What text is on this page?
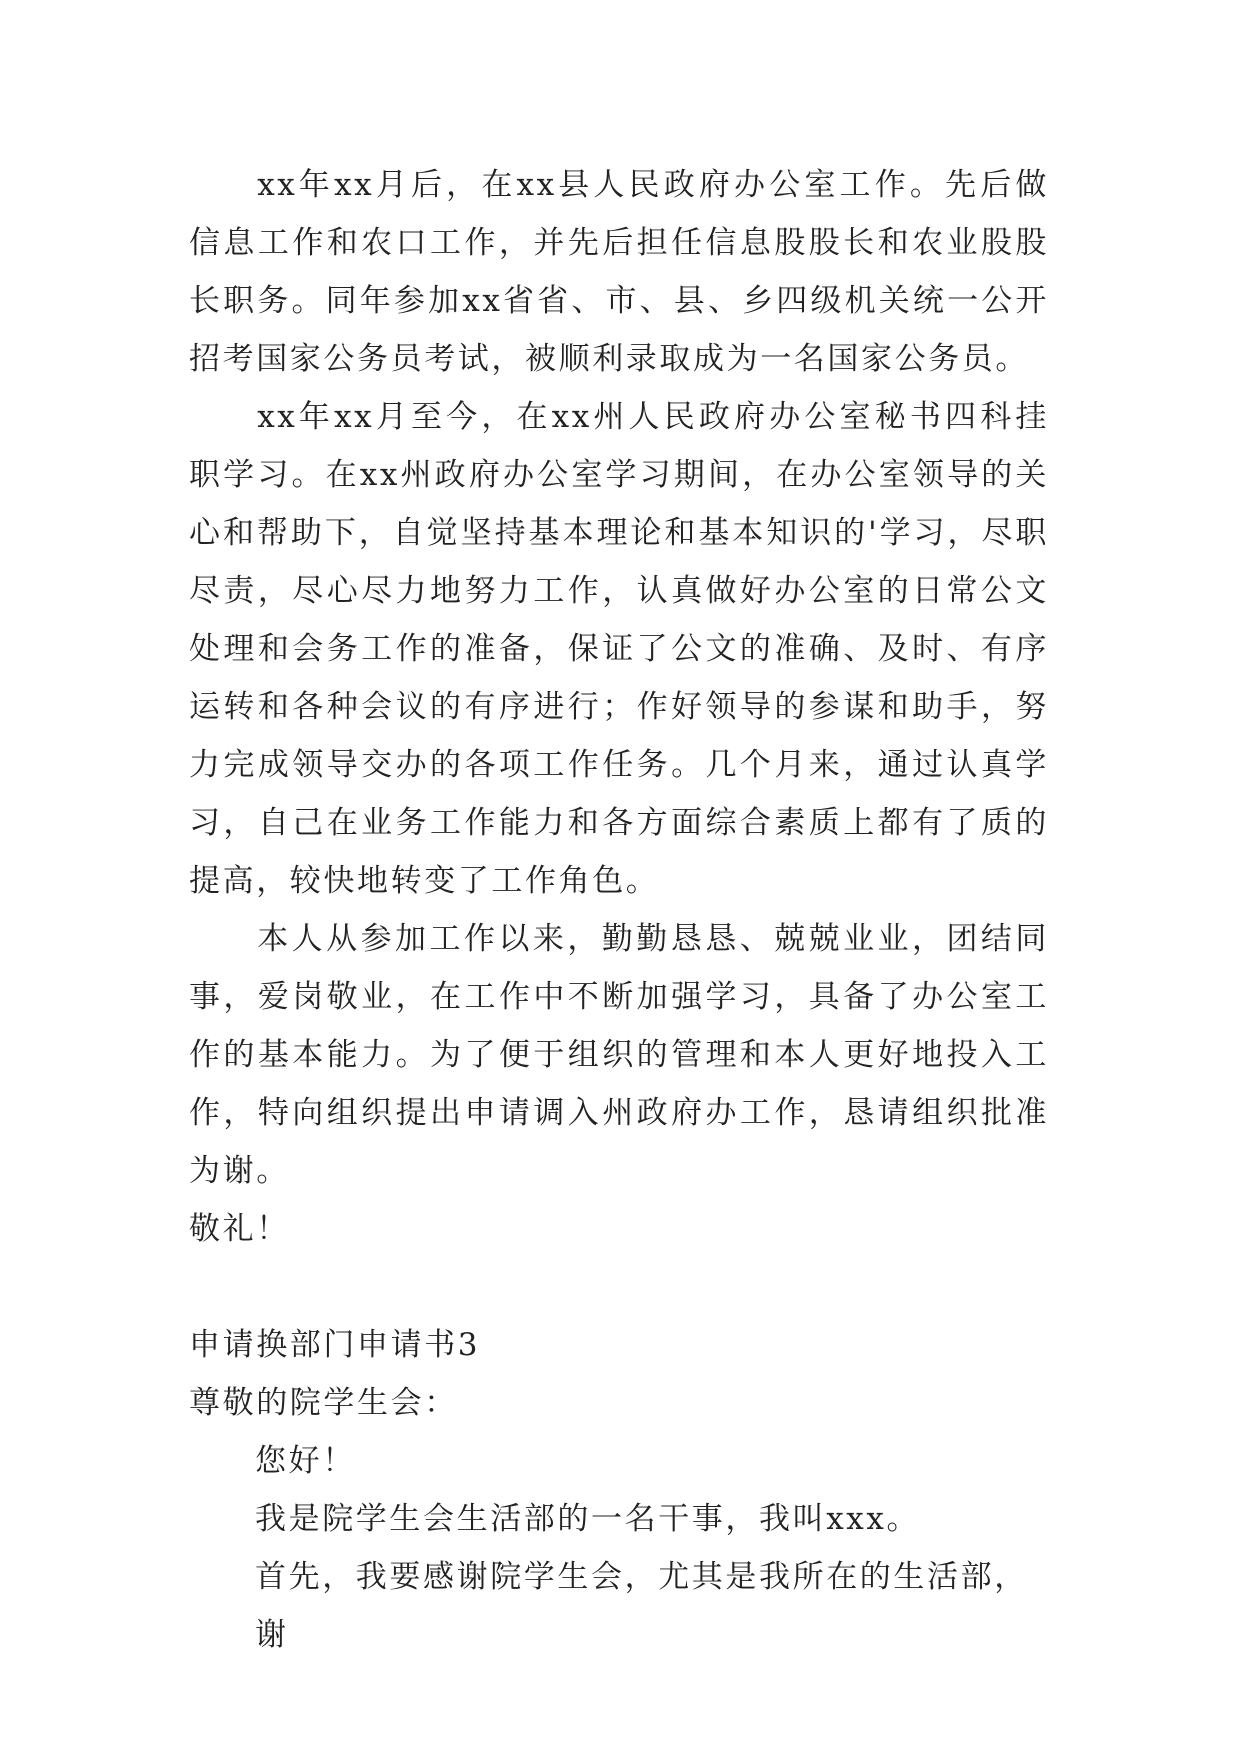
xx年xx月后，在xx县人民政府办公室工作。先后做信息工作和农口工作，并先后担任信息股股长和农业股股长职务。同年参加xx省省、市、县、乡四级机关统一公开招考国家公务员考试，被顺利录取成为一名国家公务员。

xx年xx月至今，在xx州人民政府办公室秘书四科挂职学习。在xx州政府办公室学习期间，在办公室领导的关心和帮助下，自觉坚持基本理论和基本知识的'学习，尽职尽责，尽心尽力地努力工作，认真做好办公室的日常公文处理和会务工作的准备，保证了公文的准确、及时、有序运转和各种会议的有序进行；作好领导的参谋和助手，努力完成领导交办的各项工作任务。几个月来，通过认真学习，自己在业务工作能力和各方面综合素质上都有了质的提高，较快地转变了工作角色。

本人从参加工作以来，勤勤恳恳、兢兢业业，团结同事，爱岗敬业，在工作中不断加强学习，具备了办公室工作的基本能力。为了便于组织的管理和本人更好地投入工作，特向组织提出申请调入州政府办工作，恳请组织批准为谢。

敬礼！

申请换部门申请书3

尊敬的院学生会：

您好！

我是院学生会生活部的一名干事，我叫xxx。

首先，我要感谢院学生会，尤其是我所在的生活部，谢
